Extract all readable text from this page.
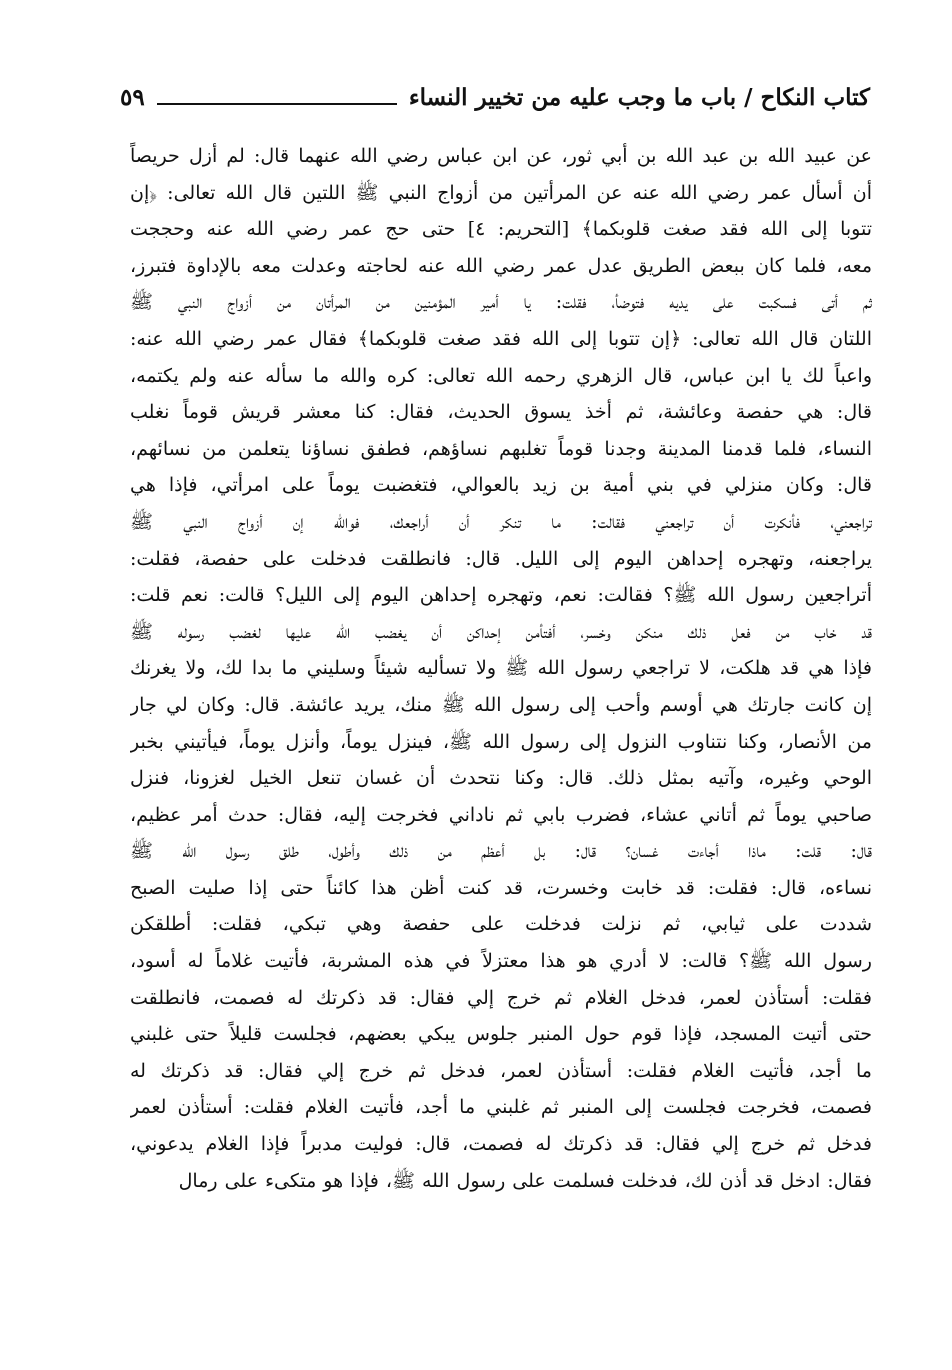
كتاب النكاح / باب ما وجب عليه من تخيير النساء
٥٩
عن عبيد الله بن عبد الله بن أبي ثور، عن ابن عباس رضي الله عنهما قال: لم أزل حريصاً
أن أسأل عمر رضي الله عنه عن المرأتين من أزواج النبي ﷺ اللتين قال الله تعالى: ﴿إن
تتوبا إلى الله فقد صغت قلوبكما﴾ [التحريم: ٤] حتى حج عمر رضي الله عنه وحججت
معه، فلما كان ببعض الطريق عدل عمر رضي الله عنه لحاجته وعدلت معه بالإداوة فتبرز،
ثم أتى فسكبت على يديه فتوضأ، فقلت: يا أمير المؤمنين من المرأتان من أزواج النبي ﷺ
اللتان قال الله تعالى: ﴿إن تتوبا إلى الله فقد صغت قلوبكما﴾ فقال عمر رضي الله عنه:
واعباً لك يا ابن عباس، قال الزهري رحمه الله تعالى: كره والله ما سأله عنه ولم يكتمه،
قال: هي حفصة وعائشة، ثم أخذ يسوق الحديث، فقال: كنا معشر قريش قوماً نغلب
النساء، فلما قدمنا المدينة وجدنا قوماً تغلبهم نساؤهم، فطفق نساؤنا يتعلمن من نسائهم،
قال: وكان منزلي في بني أمية بن زيد بالعوالي، فتغضبت يوماً على امرأتي، فإذا هي
تراجعني، فأنكرت أن تراجعني فقالت: ما تنكر أن أراجعك، فوالله إن أزواج النبي ﷺ
يراجعنه، وتهجره إحداهن اليوم إلى الليل. قال: فانطلقت فدخلت على حفصة، فقلت:
أتراجعين رسول الله ﷺ؟ فقالت: نعم، وتهجره إحداهن اليوم إلى الليل؟ قالت: نعم قلت:
قد خاب من فعل ذلك منكن وخسر، أفتأمن إحداكن أن يغضب الله عليها لغضب رسوله ﷺ
فإذا هي قد هلكت، لا تراجعي رسول الله ﷺ ولا تسأليه شيئاً وسليني ما بدا لك، ولا يغرنك
إن كانت جارتك هي أوسم وأحب إلى رسول الله ﷺ منك، يريد عائشة. قال: وكان لي جار
من الأنصار، وكنا نتناوب النزول إلى رسول الله ﷺ، فينزل يوماً، وأنزل يوماً، فيأتيني بخبر
الوحي وغيره، وآتيه بمثل ذلك. قال: وكنا نتحدث أن غسان تنعل الخيل لغزونا، فنزل
صاحبي يوماً ثم أتاني عشاء، فضرب بابي ثم ناداني فخرجت إليه، فقال: حدث أمر عظيم،
قال: قلت: ماذا أجاءت غسان؟ قال: بل أعظم من ذلك وأطول، طلق رسول الله ﷺ
نساءه، قال: فقلت: قد خابت وخسرت، قد كنت أظن هذا كائناً حتى إذا صليت الصبح
شددت على ثيابي، ثم نزلت فدخلت على حفصة وهي تبكي، فقلت: أطلقكن
رسول الله ﷺ؟ قالت: لا أدري هو هذا معتزلاً في هذه المشربة، فأتيت غلاماً له أسود،
فقلت: أستأذن لعمر، فدخل الغلام ثم خرج إلي فقال: قد ذكرتك له فصمت، فانطلقت
حتى أتيت المسجد، فإذا قوم حول المنبر جلوس يبكي بعضهم، فجلست قليلاً حتى غلبني
ما أجد، فأتيت الغلام فقلت: أستأذن لعمر، فدخل ثم خرج إلي فقال: قد ذكرتك له
فصمت، فخرجت فجلست إلى المنبر ثم غلبني ما أجد، فأتيت الغلام فقلت: أستأذن لعمر
فدخل ثم خرج إلي فقال: قد ذكرتك له فصمت، قال: فوليت مدبراً فإذا الغلام يدعوني،
فقال: ادخل قد أذن لك، فدخلت فسلمت على رسول الله ﷺ، فإذا هو متكىء على رمال
